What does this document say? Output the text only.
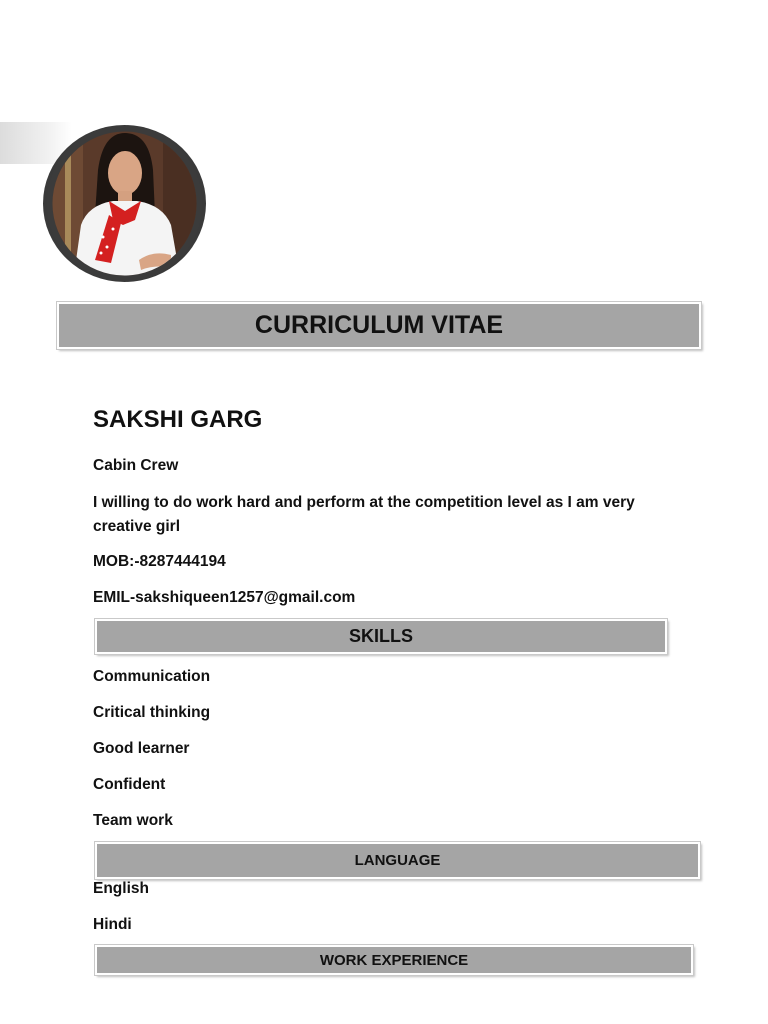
CURRICULUM VITAE
SAKSHI GARG
Cabin Crew
I willing to do work hard and perform at the competition level as I am very creative girl
MOB:-8287444194
EMIL-sakshiqueen1257@gmail.com
SKILLS
Communication
Critical thinking
Good learner
Confident
Team work
LANGUAGE
English
Hindi
WORK EXPERIENCE
